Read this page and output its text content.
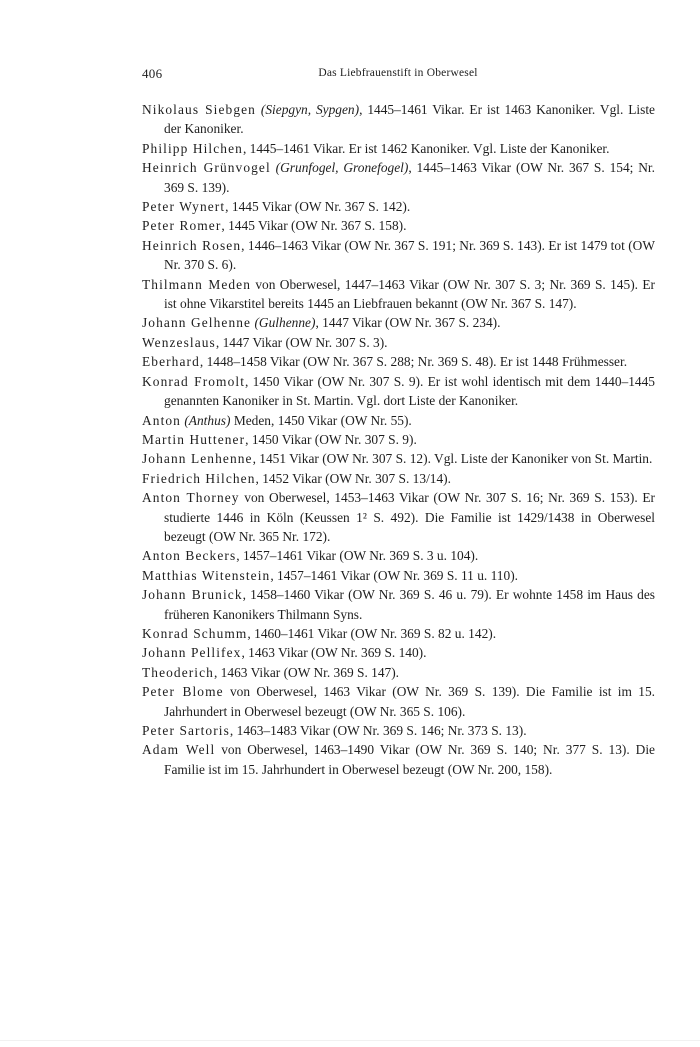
406	Das Liebfrauenstift in Oberwesel
Nikolaus Siebgen (Siepgyn, Sypgen), 1445–1461 Vikar. Er ist 1463 Kanoniker. Vgl. Liste der Kanoniker.
Philipp Hilchen, 1445–1461 Vikar. Er ist 1462 Kanoniker. Vgl. Liste der Kanoniker.
Heinrich Grünvogel (Grunfogel, Gronefogel), 1445–1463 Vikar (OW Nr. 367 S. 154; Nr. 369 S. 139).
Peter Wynert, 1445 Vikar (OW Nr. 367 S. 142).
Peter Romer, 1445 Vikar (OW Nr. 367 S. 158).
Heinrich Rosen, 1446–1463 Vikar (OW Nr. 367 S. 191; Nr. 369 S. 143). Er ist 1479 tot (OW Nr. 370 S. 6).
Thilmann Meden von Oberwesel, 1447–1463 Vikar (OW Nr. 307 S. 3; Nr. 369 S. 145). Er ist ohne Vikarstitel bereits 1445 an Liebfrauen bekannt (OW Nr. 367 S. 147).
Johann Gelhenne (Gulhenne), 1447 Vikar (OW Nr. 367 S. 234).
Wenzeslaus, 1447 Vikar (OW Nr. 307 S. 3).
Eberhard, 1448–1458 Vikar (OW Nr. 367 S. 288; Nr. 369 S. 48). Er ist 1448 Frühmesser.
Konrad Fromolt, 1450 Vikar (OW Nr. 307 S. 9). Er ist wohl identisch mit dem 1440–1445 genannten Kanoniker in St. Martin. Vgl. dort Liste der Kanoniker.
Anton (Anthus) Meden, 1450 Vikar (OW Nr. 55).
Martin Huttener, 1450 Vikar (OW Nr. 307 S. 9).
Johann Lenhenne, 1451 Vikar (OW Nr. 307 S. 12). Vgl. Liste der Kanoniker von St. Martin.
Friedrich Hilchen, 1452 Vikar (OW Nr. 307 S. 13/14).
Anton Thorney von Oberwesel, 1453–1463 Vikar (OW Nr. 307 S. 16; Nr. 369 S. 153). Er studierte 1446 in Köln (Keussen 1² S. 492). Die Familie ist 1429/1438 in Oberwesel bezeugt (OW Nr. 365 Nr. 172).
Anton Beckers, 1457–1461 Vikar (OW Nr. 369 S. 3 u. 104).
Matthias Witenstein, 1457–1461 Vikar (OW Nr. 369 S. 11 u. 110).
Johann Brunick, 1458–1460 Vikar (OW Nr. 369 S. 46 u. 79). Er wohnte 1458 im Haus des früheren Kanonikers Thilmann Syns.
Konrad Schumm, 1460–1461 Vikar (OW Nr. 369 S. 82 u. 142).
Johann Pellifex, 1463 Vikar (OW Nr. 369 S. 140).
Theoderich, 1463 Vikar (OW Nr. 369 S. 147).
Peter Blome von Oberwesel, 1463 Vikar (OW Nr. 369 S. 139). Die Familie ist im 15. Jahrhundert in Oberwesel bezeugt (OW Nr. 365 S. 106).
Peter Sartoris, 1463–1483 Vikar (OW Nr. 369 S. 146; Nr. 373 S. 13).
Adam Well von Oberwesel, 1463–1490 Vikar (OW Nr. 369 S. 140; Nr. 377 S. 13). Die Familie ist im 15. Jahrhundert in Oberwesel bezeugt (OW Nr. 200, 158).
